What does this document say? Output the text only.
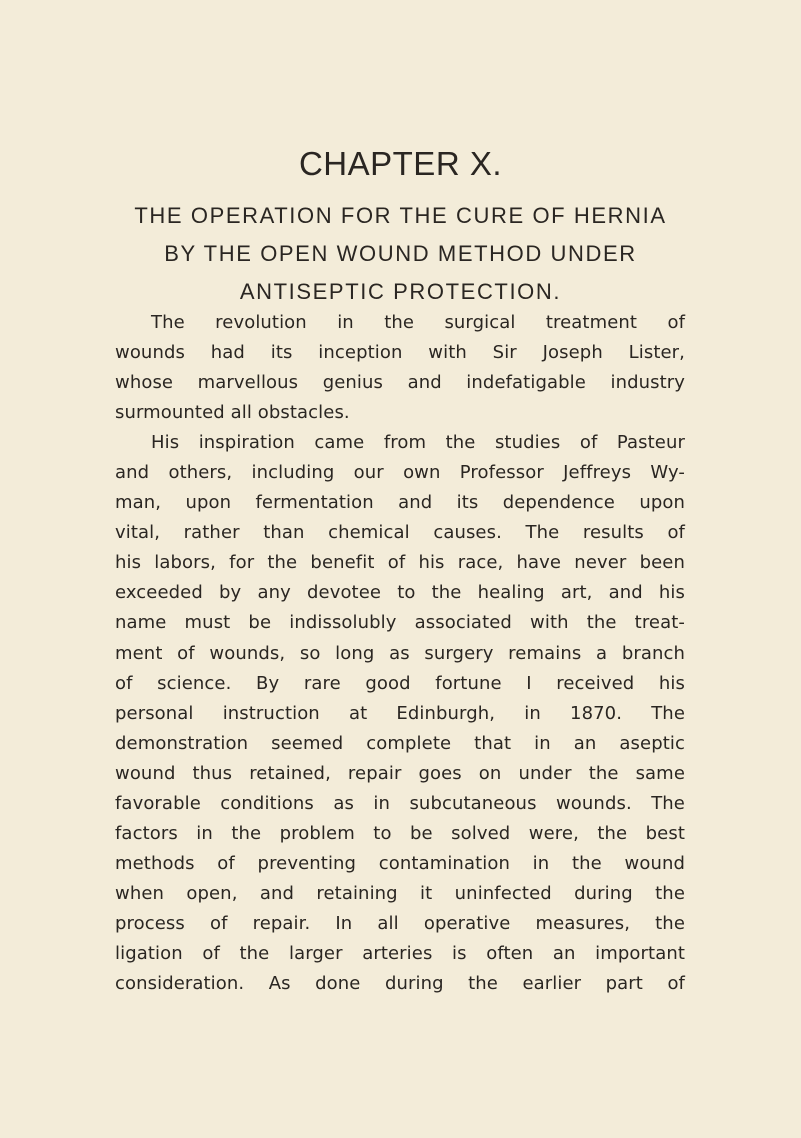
CHAPTER X.
THE OPERATION FOR THE CURE OF HERNIA
BY THE OPEN WOUND METHOD UNDER
ANTISEPTIC PROTECTION.
The revolution in the surgical treatment of
wounds had its inception with Sir Joseph Lister,
whose marvellous genius and indefatigable industry
surmounted all obstacles.
His inspiration came from the studies of Pasteur
and others, including our own Professor Jeffreys Wy-
man, upon fermentation and its dependence upon
vital, rather than chemical causes. The results of
his labors, for the benefit of his race, have never been
exceeded by any devotee to the healing art, and his
name must be indissolubly associated with the treat-
ment of wounds, so long as surgery remains a branch
of science. By rare good fortune I received his
personal instruction at Edinburgh, in 1870. The
demonstration seemed complete that in an aseptic
wound thus retained, repair goes on under the same
favorable conditions as in subcutaneous wounds. The
factors in the problem to be solved were, the best
methods of preventing contamination in the wound
when open, and retaining it uninfected during the
process of repair. In all operative measures, the
ligation of the larger arteries is often an important
consideration. As done during the earlier part of
